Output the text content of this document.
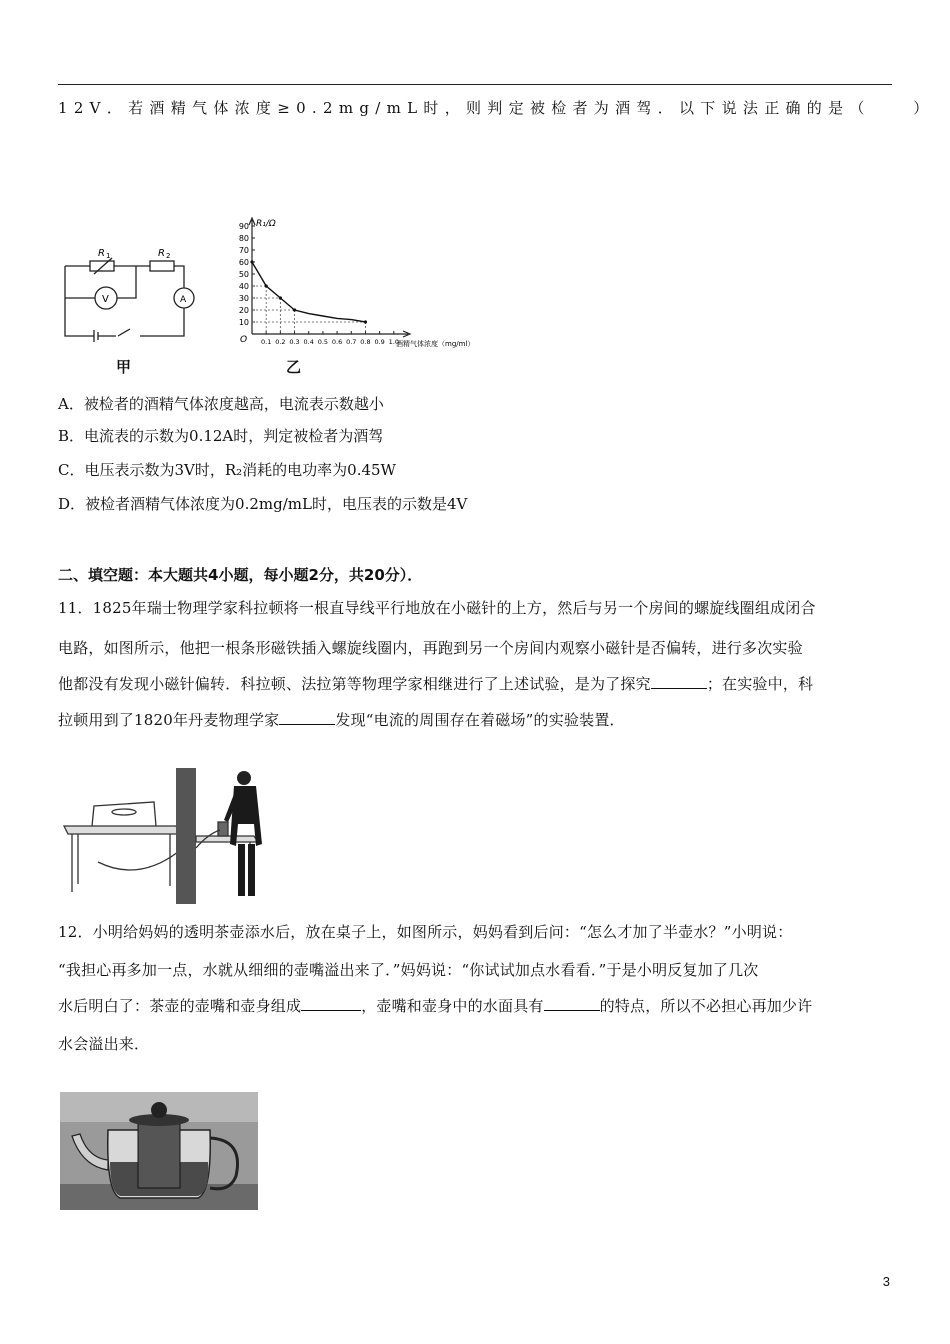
12V．若酒精气体浓度≥0.2mg/mL时，则判定被检者为酒驾．以下说法正确的是（　　）
R 1	R 2
V	A
甲
10
20
30
40
50
60
70
80
90
0.1 0.2 0.3 0.4 0.5 0.6 0.7 0.8 0.9 1.0
R₁/Ω
O	酒精气体浓度（mg/ml）
乙
A．被检者的酒精气体浓度越高，电流表示数越小
B．电流表的示数为0.12A时，判定被检者为酒驾
C．电压表示数为3V时，R₂消耗的电功率为0.45W
D．被检者酒精气体浓度为0.2mg/mL时，电压表的示数是4V
二、填空题：本大题共4小题，每小题2分，共20分）．
11．1825年瑞士物理学家科拉顿将一根直导线平行地放在小磁针的上方，然后与另一个房间的螺旋线圈组成闭合
电路，如图所示，他把一根条形磁铁插入螺旋线圈内，再跑到另一个房间内观察小磁针是否偏转，进行多次实验
他都没有发现小磁针偏转．科拉顿、法拉第等物理学家相继进行了上述试验，是为了探究	；在实验中，科
拉顿用到了1820年丹麦物理学家	发现“电流的周围存在着磁场”的实验装置．
12．小明给妈妈的透明茶壶添水后，放在桌子上，如图所示，妈妈看到后问：“怎么才加了半壶水？”小明说：
“我担心再多加一点，水就从细细的壶嘴溢出来了．”妈妈说：“你试试加点水看看．”于是小明反复加了几次
水后明白了：茶壶的壶嘴和壶身组成	，壶嘴和壶身中的水面具有	的特点，所以不必担心再加少许
水会溢出来．
3
